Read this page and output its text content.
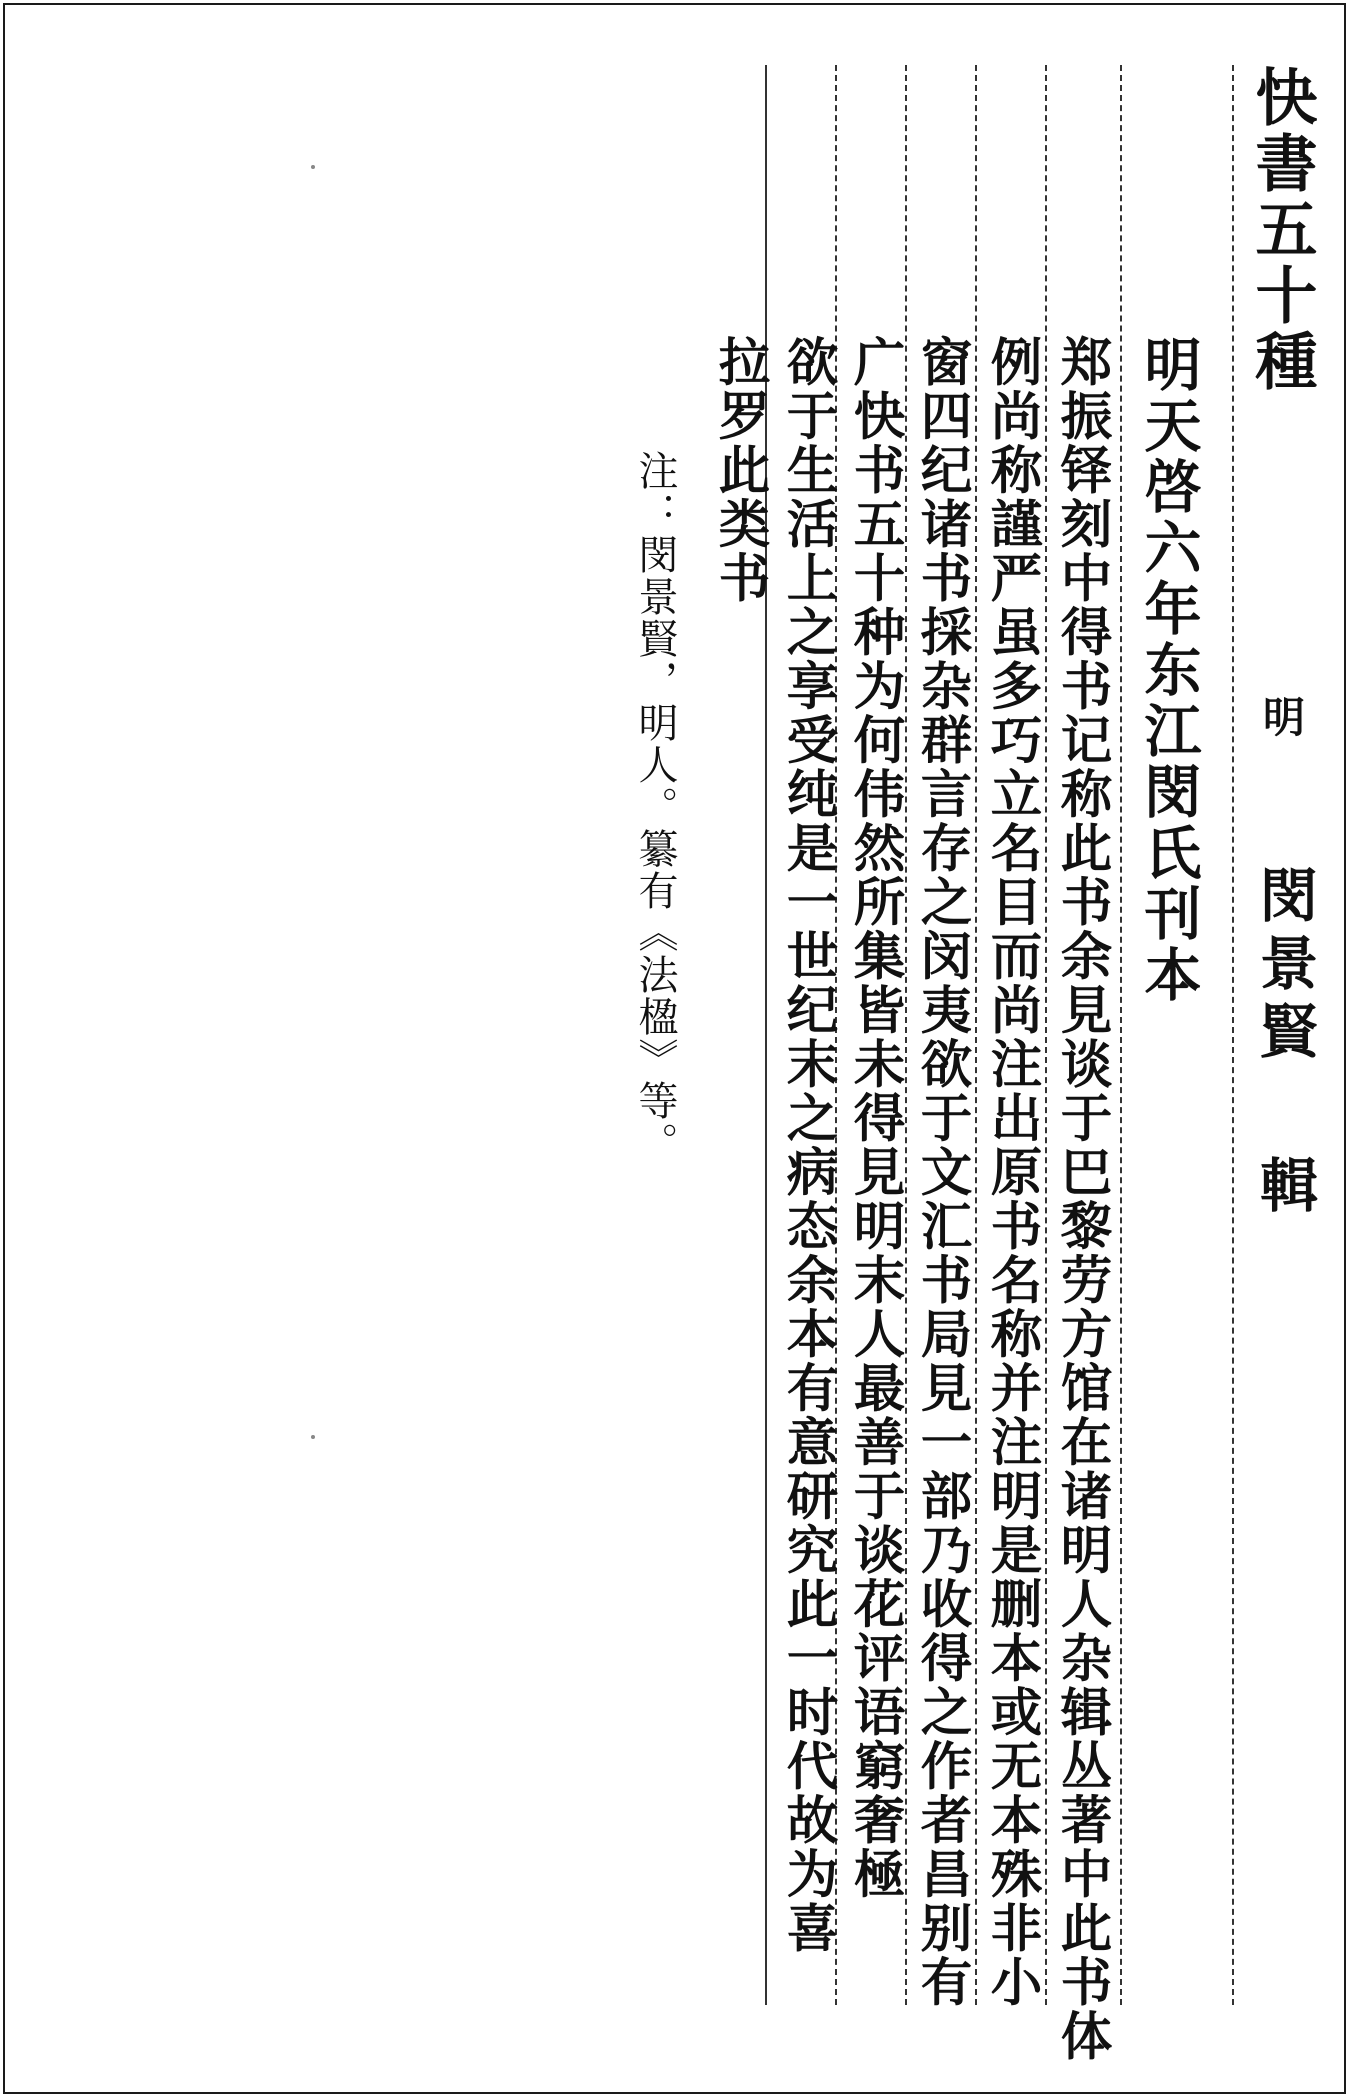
快書五十種
明
閔景賢
輯
明天啓六年东江閔氏刊本
郑振铎刻中得书记称此书余見谈于巴黎劳方馆在诸明人杂辑丛著中此书体
例尚称謹严虽多巧立名目而尚注出原书名称并注明是删本或无本殊非小
窗四纪诸书採杂群言存之闵夷欲于文汇书局見一部乃收得之作者昌别有
广快书五十种为何伟然所集皆未得見明末人最善于谈花评语窮奢極
欲于生活上之享受纯是一世纪末之病态余本有意研究此一时代故为喜
拉罗此类书
注：閔景賢，明人。纂有《法楹》等。
